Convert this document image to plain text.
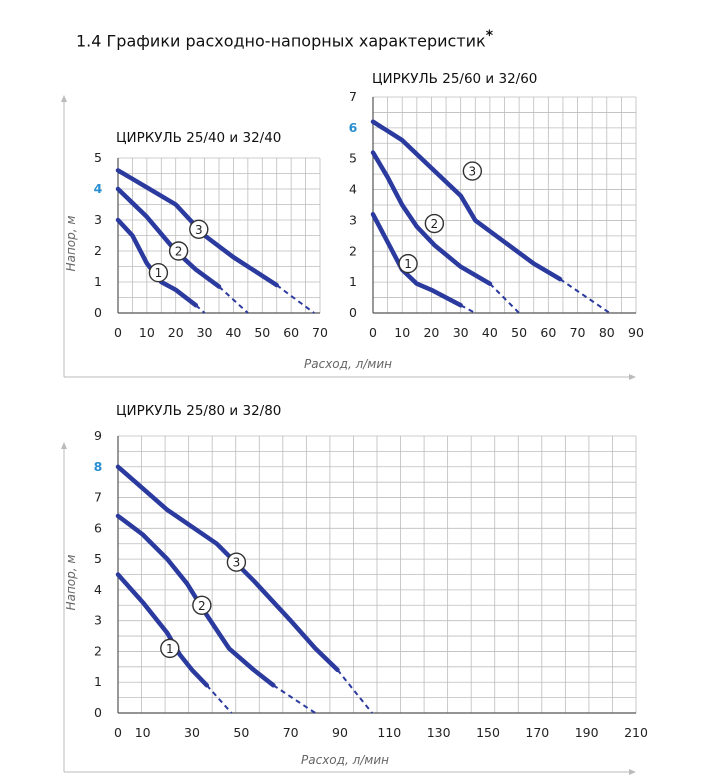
1.4 Графики расходно-напорных характеристик*
ЦИРКУЛЬ 25/40 и 32/40
0
1
2
3
4
5
0 10 20 30 40 50 60 70
Напор, м
Расход, л/мин
1
2
3
ЦИРКУЛЬ 25/60 и 32/60
0
1
2
3
4
5
6
7
0 10 20 30 40 50 60 70 80 90
1
2
3
ЦИРКУЛЬ 25/80 и 32/80
0
1
2
3
4
5
6
7
8
9
0 10	30	50	70	90 110 130 150 170 190 210
Напор, м
Расход, л/мин
1
2
3
